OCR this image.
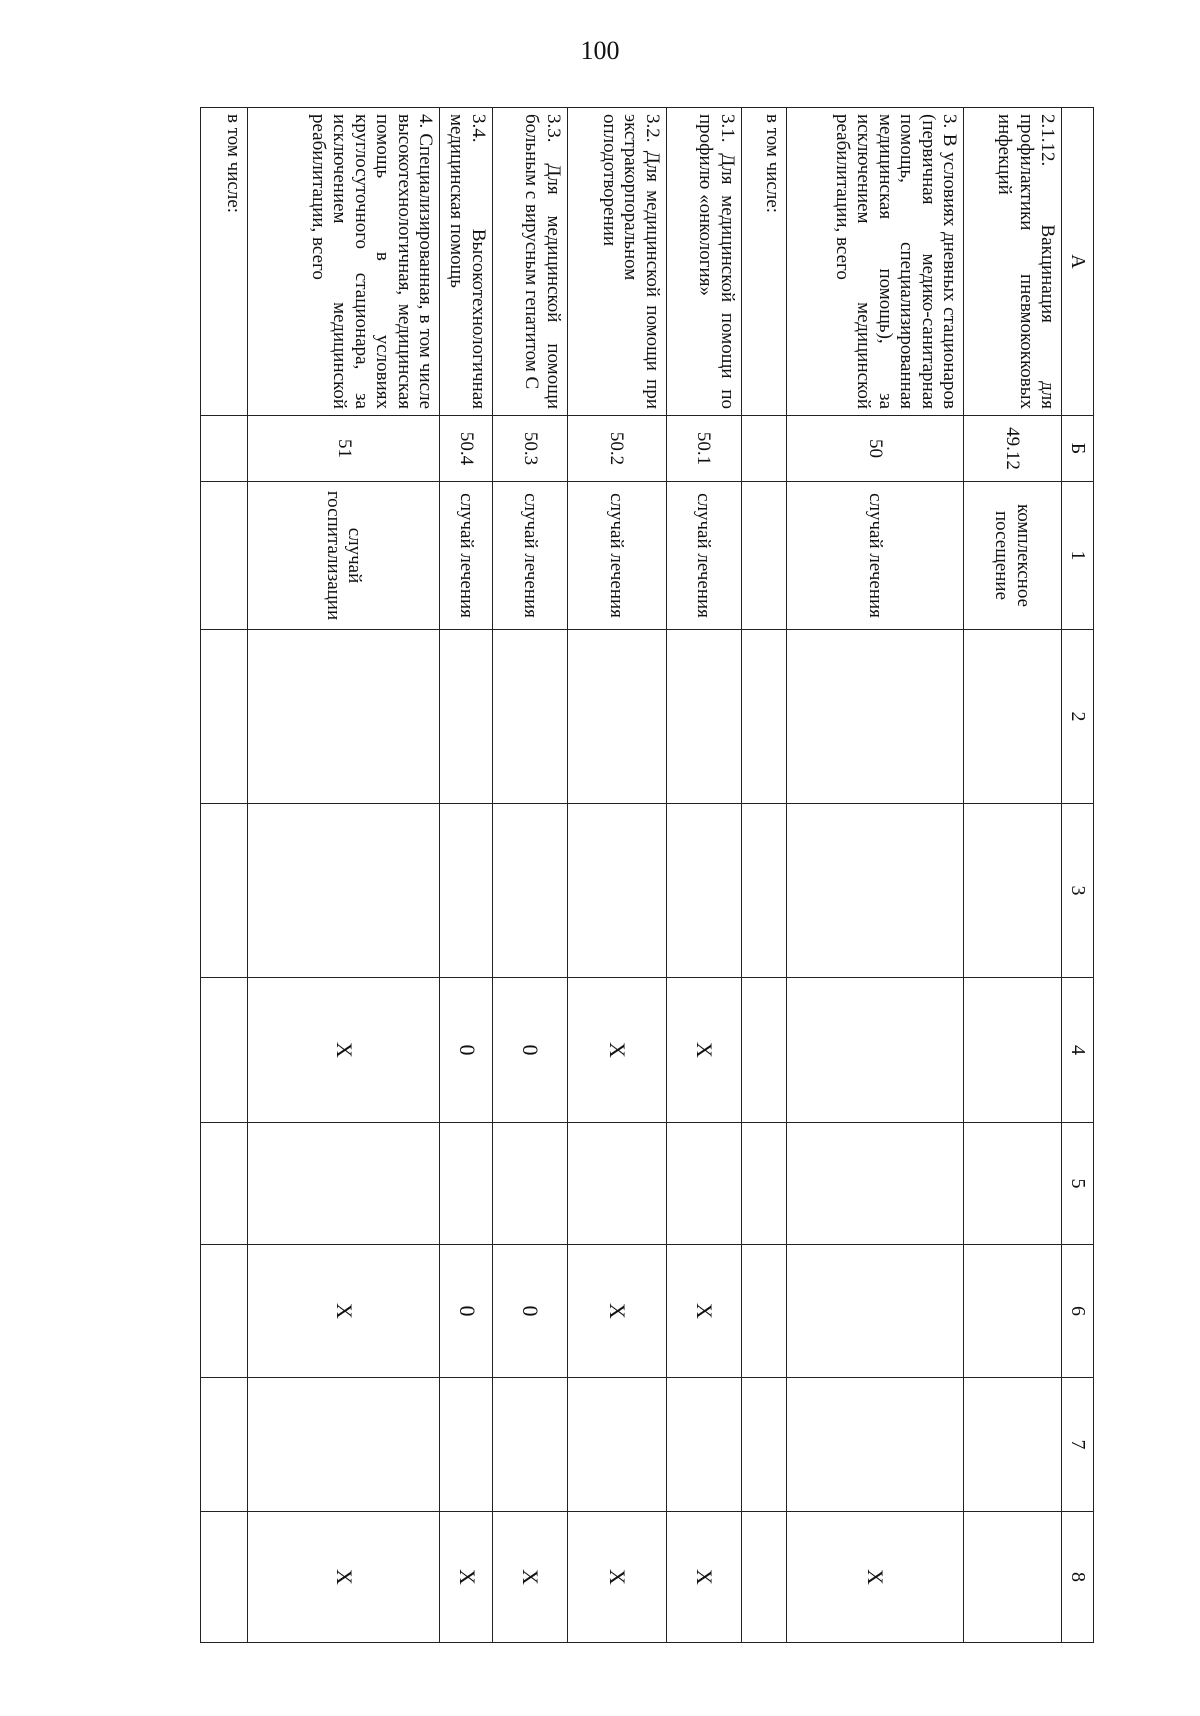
100
А	Б	1	2	3	4	5	6	7	8
2.1.12. Вакцинация для профилактики пневмококковых инфекций	49.12	комплексное посещение							
3. В условиях дневных стационаров (первичная медико-санитарная помощь, специализированная медицинская помощь), за исключением медицинской реабилитации, всего	50	случай лечения							Х
в том числе:									
3.1. Для медицинской помощи по профилю «онкология»	50.1	случай лечения			Х		Х		Х
3.2. Для медицинской помощи при экстракорпоральном оплодотворении	50.2	случай лечения			Х		Х		Х
3.3. Для медицинской помощи больным с вирусным гепатитом С	50.3	случай лечения			0		0		Х
3.4. Высокотехнологичная медицинская помощь	50.4	случай лечения			0		0		Х
4. Специализированная, в том числе высокотехнологичная, медицинская помощь в условиях круглосуточного стационара, за исключением медицинской реабилитации, всего	51	случай госпитализации			Х		Х		Х
в том числе:									
